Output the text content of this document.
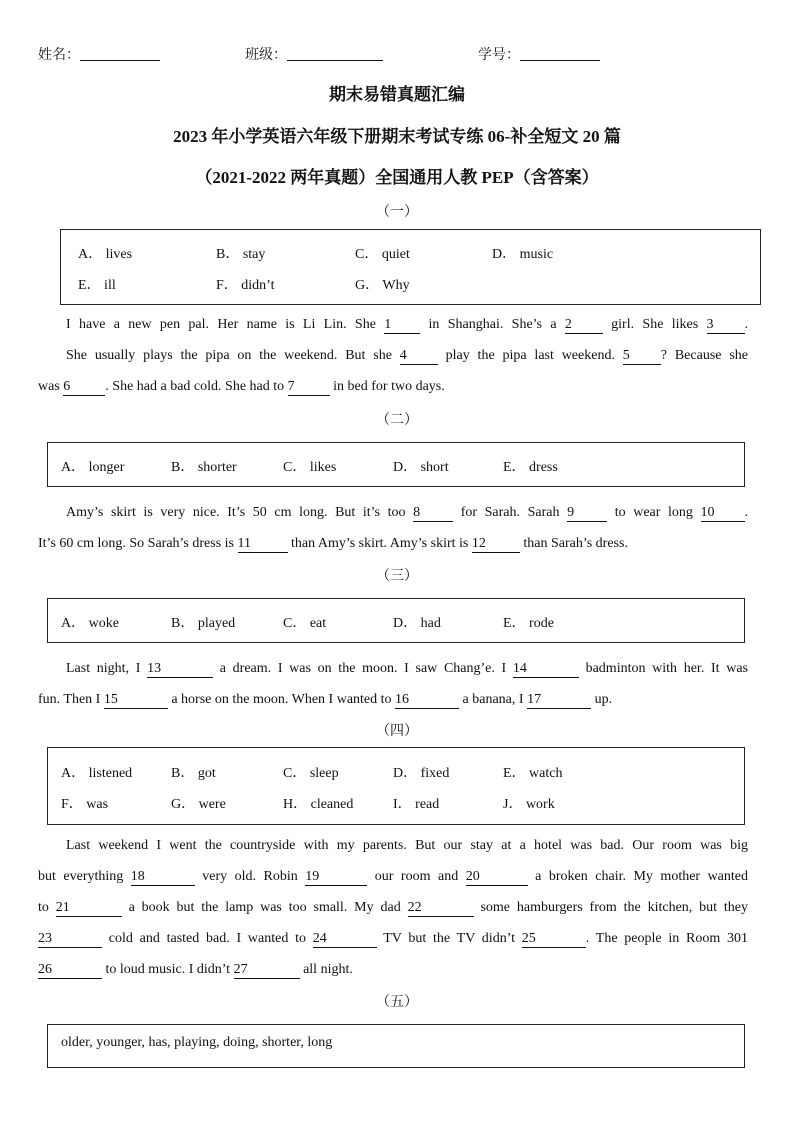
姓名：	班级：	学号：
期末易错真题汇编
2023 年小学英语六年级下册期末考试专练 06-补全短文 20 篇
（2021-2022 两年真题）全国通用人教 PEP（含答案）
（一）
A． lives	B． stay	C． quiet	D． music
E． ill	F． didn’t	G． Why
I have a new pen pal. Her name is Li Lin. She 1 in Shanghai. She’s a 2 girl. She likes 3 .
She usually plays the pipa on the weekend. But she 4 play the pipa last weekend. 5 ? Because she
was 6	. She had a bad cold. She had to 7	in bed for two days.
（二）
A． longer	B． shorter	C． likes	D． short	E． dress
Amy’s skirt is very nice. It’s 50 cm long. But it’s too 8 for Sarah. Sarah 9 to wear long 10 .
It’s 60 cm long. So Sarah’s dress is 11	than Amy’s skirt. Amy’s skirt is 12 than Sarah’s dress.
（三）
A． woke	B． played	C． eat	D． had	E． rode
Last night, I 13	a dream. I was on the moon. I saw Chang’e. I 14	badminton with her. It was
fun. Then I 15	a horse on the moon. When I wanted to 16	a banana, I 17	up.
（四）
A． listened	B． got	C． sleep	D． fixed	E． watch
F． was	G． were	H． cleaned	I． read	J． work
Last weekend I went the countryside with my parents. But our stay at a hotel was bad. Our room was big
but everything 18	very old. Robin 19	our room and 20	a broken chair. My mother wanted
to 21	a book but the lamp was too small. My dad 22	some hamburgers from the kitchen, but they
23	cold and tasted bad. I wanted to 24	TV but the TV didn’t 25	. The people in Room 301
26	to loud music. I didn’t 27	all night.
（五）
older, younger, has, playing, doing, shorter, long
